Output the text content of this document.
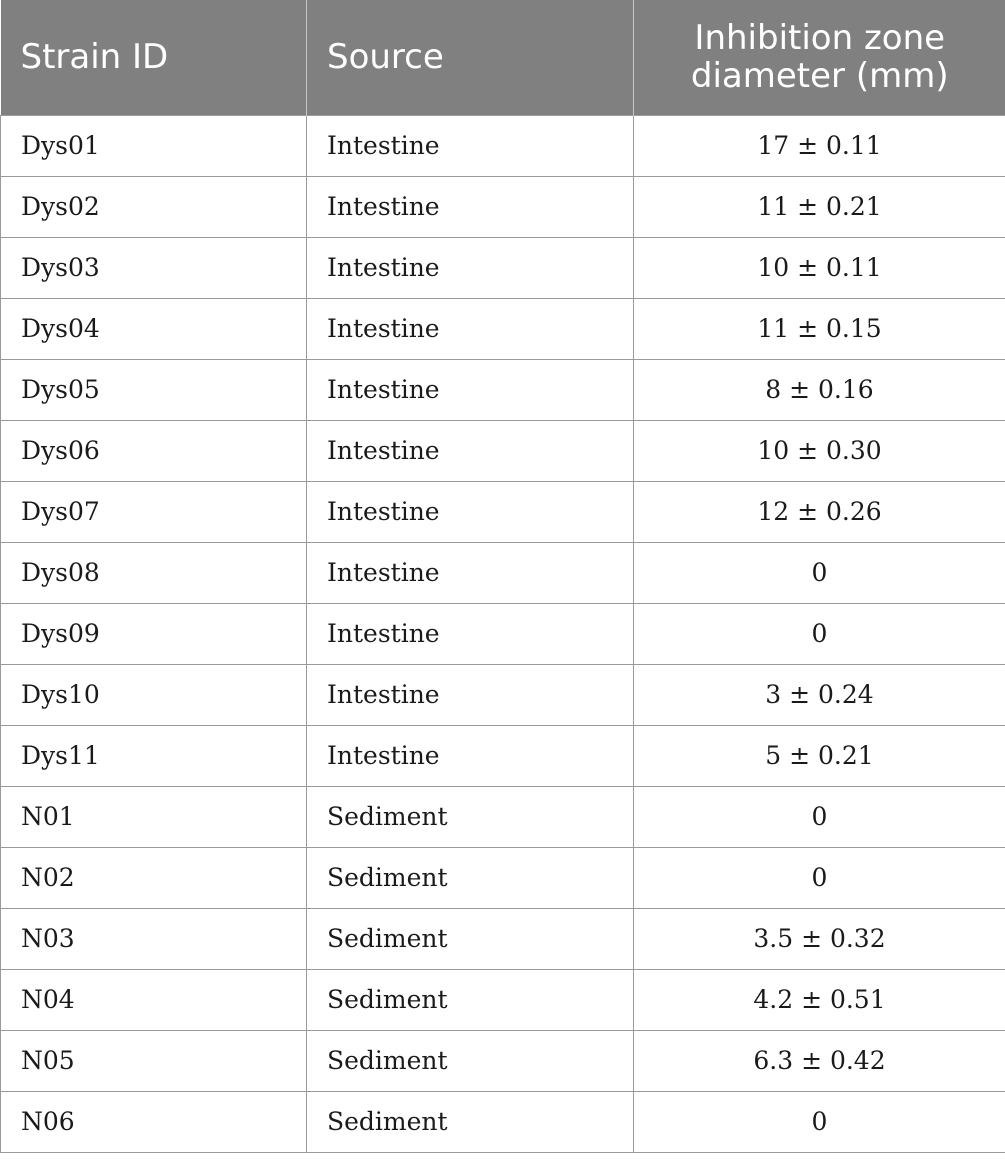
Strain ID	Source	Inhibition zone diameter (mm)
Dys01	Intestine	17 ± 0.11
Dys02	Intestine	11 ± 0.21
Dys03	Intestine	10 ± 0.11
Dys04	Intestine	11 ± 0.15
Dys05	Intestine	8 ± 0.16
Dys06	Intestine	10 ± 0.30
Dys07	Intestine	12 ± 0.26
Dys08	Intestine	0
Dys09	Intestine	0
Dys10	Intestine	3 ± 0.24
Dys11	Intestine	5 ± 0.21
N01	Sediment	0
N02	Sediment	0
N03	Sediment	3.5 ± 0.32
N04	Sediment	4.2 ± 0.51
N05	Sediment	6.3 ± 0.42
N06	Sediment	0
